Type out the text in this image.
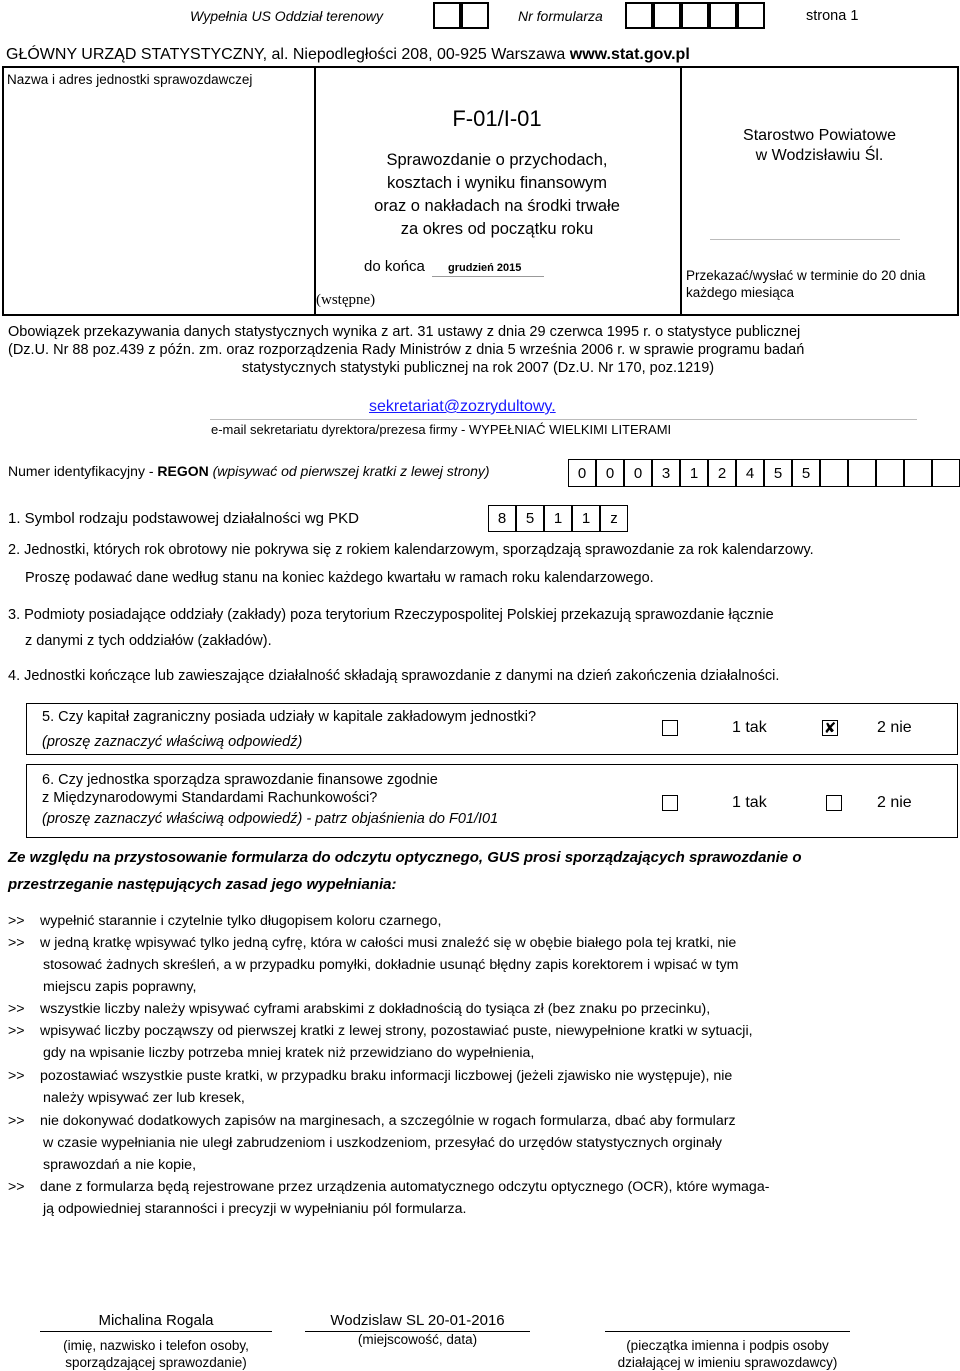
Wypełnia US Oddział terenowy	Nr formularza	strona 1
GŁÓWNY URZĄD STATYSTYCZNY, al. Niepodległości 208, 00-925 Warszawa www.stat.gov.pl
Nazwa i adres jednostki sprawozdawczej
F-01/I-01
Sprawozdanie o przychodach,
kosztach i wyniku finansowym
oraz o nakładach na środki trwałe
za okres od początku roku
do końca grudzień 2015
(wstępne)
Starostwo Powiatowe
w Wodzisławiu Śl.
Przekazać/wysłać w terminie do 20 dnia
każdego miesiąca
Obowiązek przekazywania danych statystycznych wynika z art. 31 ustawy z dnia 29 czerwca 1995 r. o statystyce publicznej
(Dz.U. Nr 88 poz.439 z późn. zm. oraz rozporządzenia Rady Ministrów z dnia 5 września 2006 r. w sprawie programu badań
statystycznych statystyki publicznej na rok 2007 (Dz.U. Nr 170, poz.1219)
sekretariat@zozrydultowy.
e-mail sekretariatu dyrektora/prezesa firmy - WYPEŁNIAĆ WIELKIMI LITERAMI
Numer identyfikacyjny - REGON (wpisywać od pierwszej kratki z lewej strony)	0	0	0	3	1	2	4	5	5
1. Symbol rodzaju podstawowej działalności wg PKD	8	5	1	1	z
2. Jednostki, których rok obrotowy nie pokrywa się z rokiem kalendarzowym, sporządzają sprawozdanie za rok kalendarzowy.
Proszę podawać dane według stanu na koniec każdego kwartału w ramach roku kalendarzowego.
3. Podmioty posiadające oddziały (zakłady) poza terytorium Rzeczypospolitej Polskiej przekazują sprawozdanie łącznie
z danymi z tych oddziałów (zakładów).
4. Jednostki kończące lub zawieszające działalność składają sprawozdanie z danymi na dzień zakończenia działalności.
5. Czy kapitał zagraniczny posiada udziały w kapitale zakładowym jednostki?
(proszę zaznaczyć właściwą odpowiedź)
1 tak	✘	2 nie
6. Czy jednostka sporządza sprawozdanie finansowe zgodnie
z Międzynarodowymi Standardami Rachunkowości?
(proszę zaznaczyć właściwą odpowiedź) - patrz objaśnienia do F01/I01
1 tak	2 nie
Ze względu na przystosowanie formularza do odczytu optycznego, GUS prosi sporządzających sprawozdanie o
przestrzeganie następujących zasad jego wypełniania:
>> wypełnić starannie i czytelnie tylko długopisem koloru czarnego,
>> w jedną kratkę wpisywać tylko jedną cyfrę, która w całości musi znaleźć się w obębie białego pola tej kratki, nie
stosować żadnych skreśleń, a w przypadku pomyłki, dokładnie usunąć błędny zapis korektorem i wpisać w tym
miejscu zapis poprawny,
>> wszystkie liczby należy wpisywać cyframi arabskimi z dokładnością do tysiąca zł (bez znaku po przecinku),
>> wpisywać liczby począwszy od pierwszej kratki z lewej strony, pozostawiać puste, niewypełnione kratki w sytuacji,
gdy na wpisanie liczby potrzeba mniej kratek niż przewidziano do wypełnienia,
>> pozostawiać wszystkie puste kratki, w przypadku braku informacji liczbowej (jeżeli zjawisko nie występuje), nie
należy wpisywać zer lub kresek,
>> nie dokonywać dodatkowych zapisów na marginesach, a szczególnie w rogach formularza, dbać aby formularz
w czasie wypełniania nie uległ zabrudzeniom i uszkodzeniom, przesyłać do urzędów statystycznych orginały
sprawozdań a nie kopie,
>> dane z formularza będą rejestrowane przez urządzenia automatycznego odczytu optycznego (OCR), które wymaga-
ją odpowiedniej staranności i precyzji w wypełnianiu pól formularza.
Michalina Rogala
(imię, nazwisko i telefon osoby,
sporządzającej sprawozdanie)
Wodzislaw SL 20-01-2016
(miejscowość, data)	(pieczątka imienna i podpis osoby
działającej w imieniu sprawozdawcy)
